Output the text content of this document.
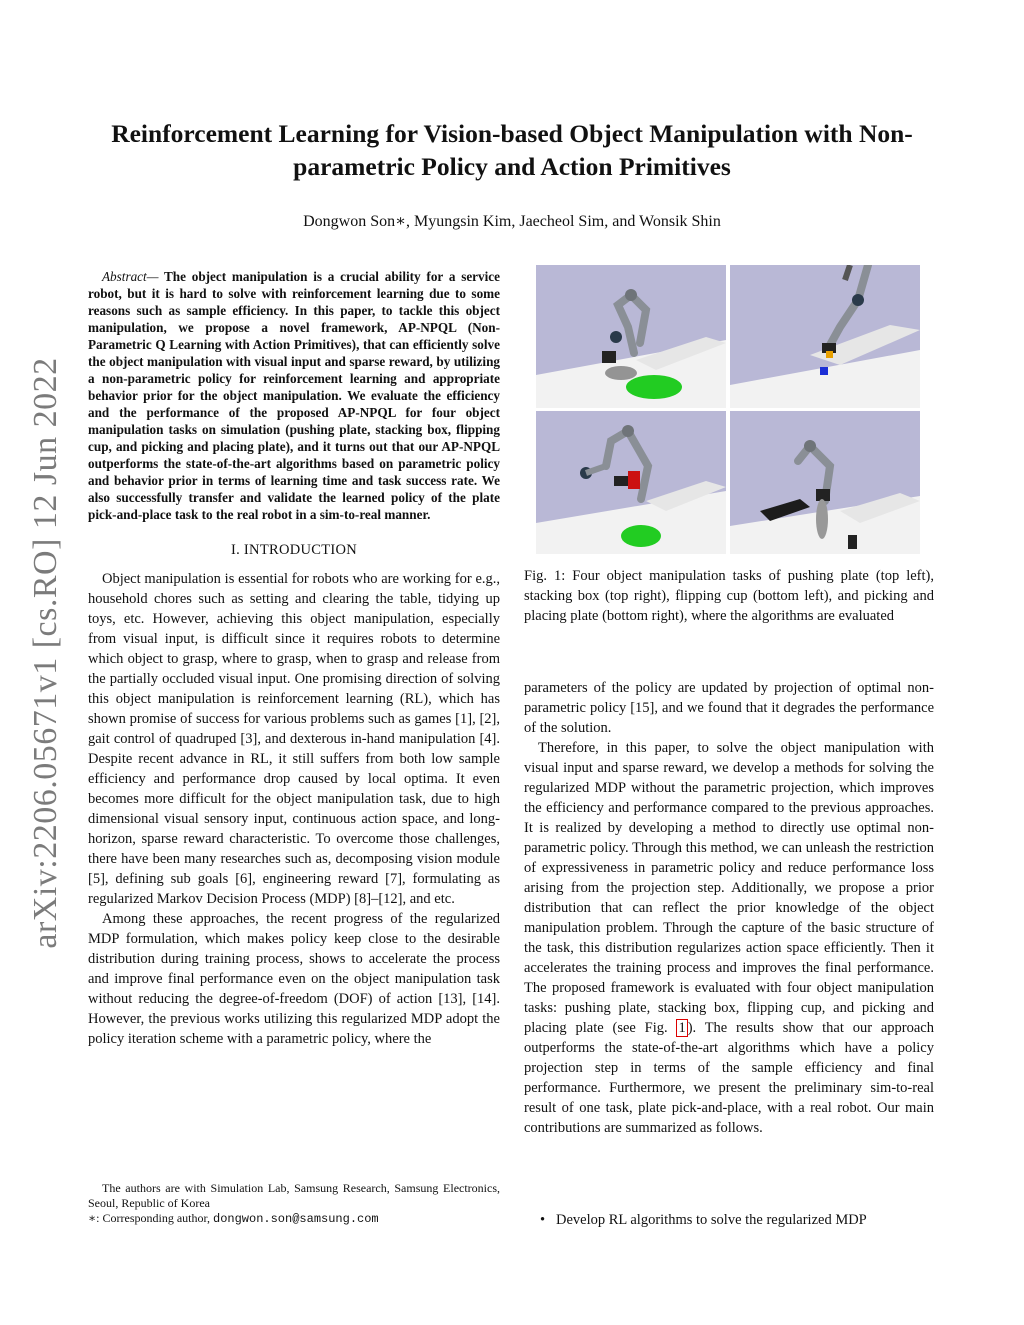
arXiv:2206.05671v1 [cs.RO] 12 Jun 2022
Reinforcement Learning for Vision-based Object Manipulation with Non-parametric Policy and Action Primitives
Dongwon Son∗, Myungsin Kim, Jaecheol Sim, and Wonsik Shin

Abstract— The object manipulation is a crucial ability for a service robot, but it is hard to solve with reinforcement learning due to some reasons such as sample efficiency. In this paper, to tackle this object manipulation, we propose a novel framework, AP-NPQL (Non-Parametric Q Learning with Action Primitives), that can efficiently solve the object manipulation with visual input and sparse reward, by utilizing a non-parametric policy for reinforcement learning and appropriate behavior prior for the object manipulation. We evaluate the efficiency and the performance of the proposed AP-NPQL for four object manipulation tasks on simulation (pushing plate, stacking box, flipping cup, and picking and placing plate), and it turns out that our AP-NPQL outperforms the state-of-the-art algorithms based on parametric policy and behavior prior in terms of learning time and task success rate. We also successfully transfer and validate the learned policy of the plate pick-and-place task to the real robot in a sim-to-real manner.

I. INTRODUCTION

Object manipulation is essential for robots who are working for e.g., household chores such as setting and clearing the table, tidying up toys, etc. However, achieving this object manipulation, especially from visual input, is difficult since it requires robots to determine which object to grasp, where to grasp, when to grasp and release from the partially occluded visual input. One promising direction of solving this object manipulation is reinforcement learning (RL), which has shown promise of success for various problems such as games [1], [2], gait control of quadruped [3], and dexterous in-hand manipulation [4]. Despite recent advance in RL, it still suffers from both low sample efficiency and performance drop caused by local optima. It even becomes more difficult for the object manipulation task, due to high dimensional visual sensory input, continuous action space, and long-horizon, sparse reward characteristic. To overcome those challenges, there have been many researches such as, decomposing vision module [5], defining sub goals [6], engineering reward [7], formulating as regularized Markov Decision Process (MDP) [8]–[12], and etc.

Among these approaches, the recent progress of the regularized MDP formulation, which makes policy keep close to the desirable distribution during training process, shows to accelerate the process and improve final performance even on the object manipulation task without reducing the degree-of-freedom (DOF) of action [13], [14]. However, the previous works utilizing this regularized MDP adopt the policy iteration scheme with a parametric policy, where the

The authors are with Simulation Lab, Samsung Research, Samsung Electronics, Seoul, Republic of Korea

∗: Corresponding author, dongwon.son@samsung.com

Fig. 1: Four object manipulation tasks of pushing plate (top left), stacking box (top right), flipping cup (bottom left), and picking and placing plate (bottom right), where the algorithms are evaluated

parameters of the policy are updated by projection of optimal non-parametric policy [15], and we found that it degrades the performance of the solution.

Therefore, in this paper, to solve the object manipulation with visual input and sparse reward, we develop a methods for solving the regularized MDP without the parametric projection, which improves the efficiency and performance compared to the previous approaches. It is realized by developing a method to directly use optimal non-parametric policy. Through this method, we can unleash the restriction of expressiveness in parametric policy and reduce performance loss arising from the projection step. Additionally, we propose a prior distribution that can reflect the prior knowledge of the object manipulation problem. Through the capture of the basic structure of the task, this distribution regularizes action space efficiently. Then it accelerates the training process and improves the final performance. The proposed framework is evaluated with four object manipulation tasks: pushing plate, stacking box, flipping cup, and picking and placing plate (see Fig. 1 ). The results show that our approach outperforms the state-of-the-art algorithms which have a policy projection step in terms of the sample efficiency and final performance. Furthermore, we present the preliminary sim-to-real result of one task, plate pick-and-place, with a real robot. Our main contributions are summarized as follows.

• Develop RL algorithms to solve the regularized MDP
